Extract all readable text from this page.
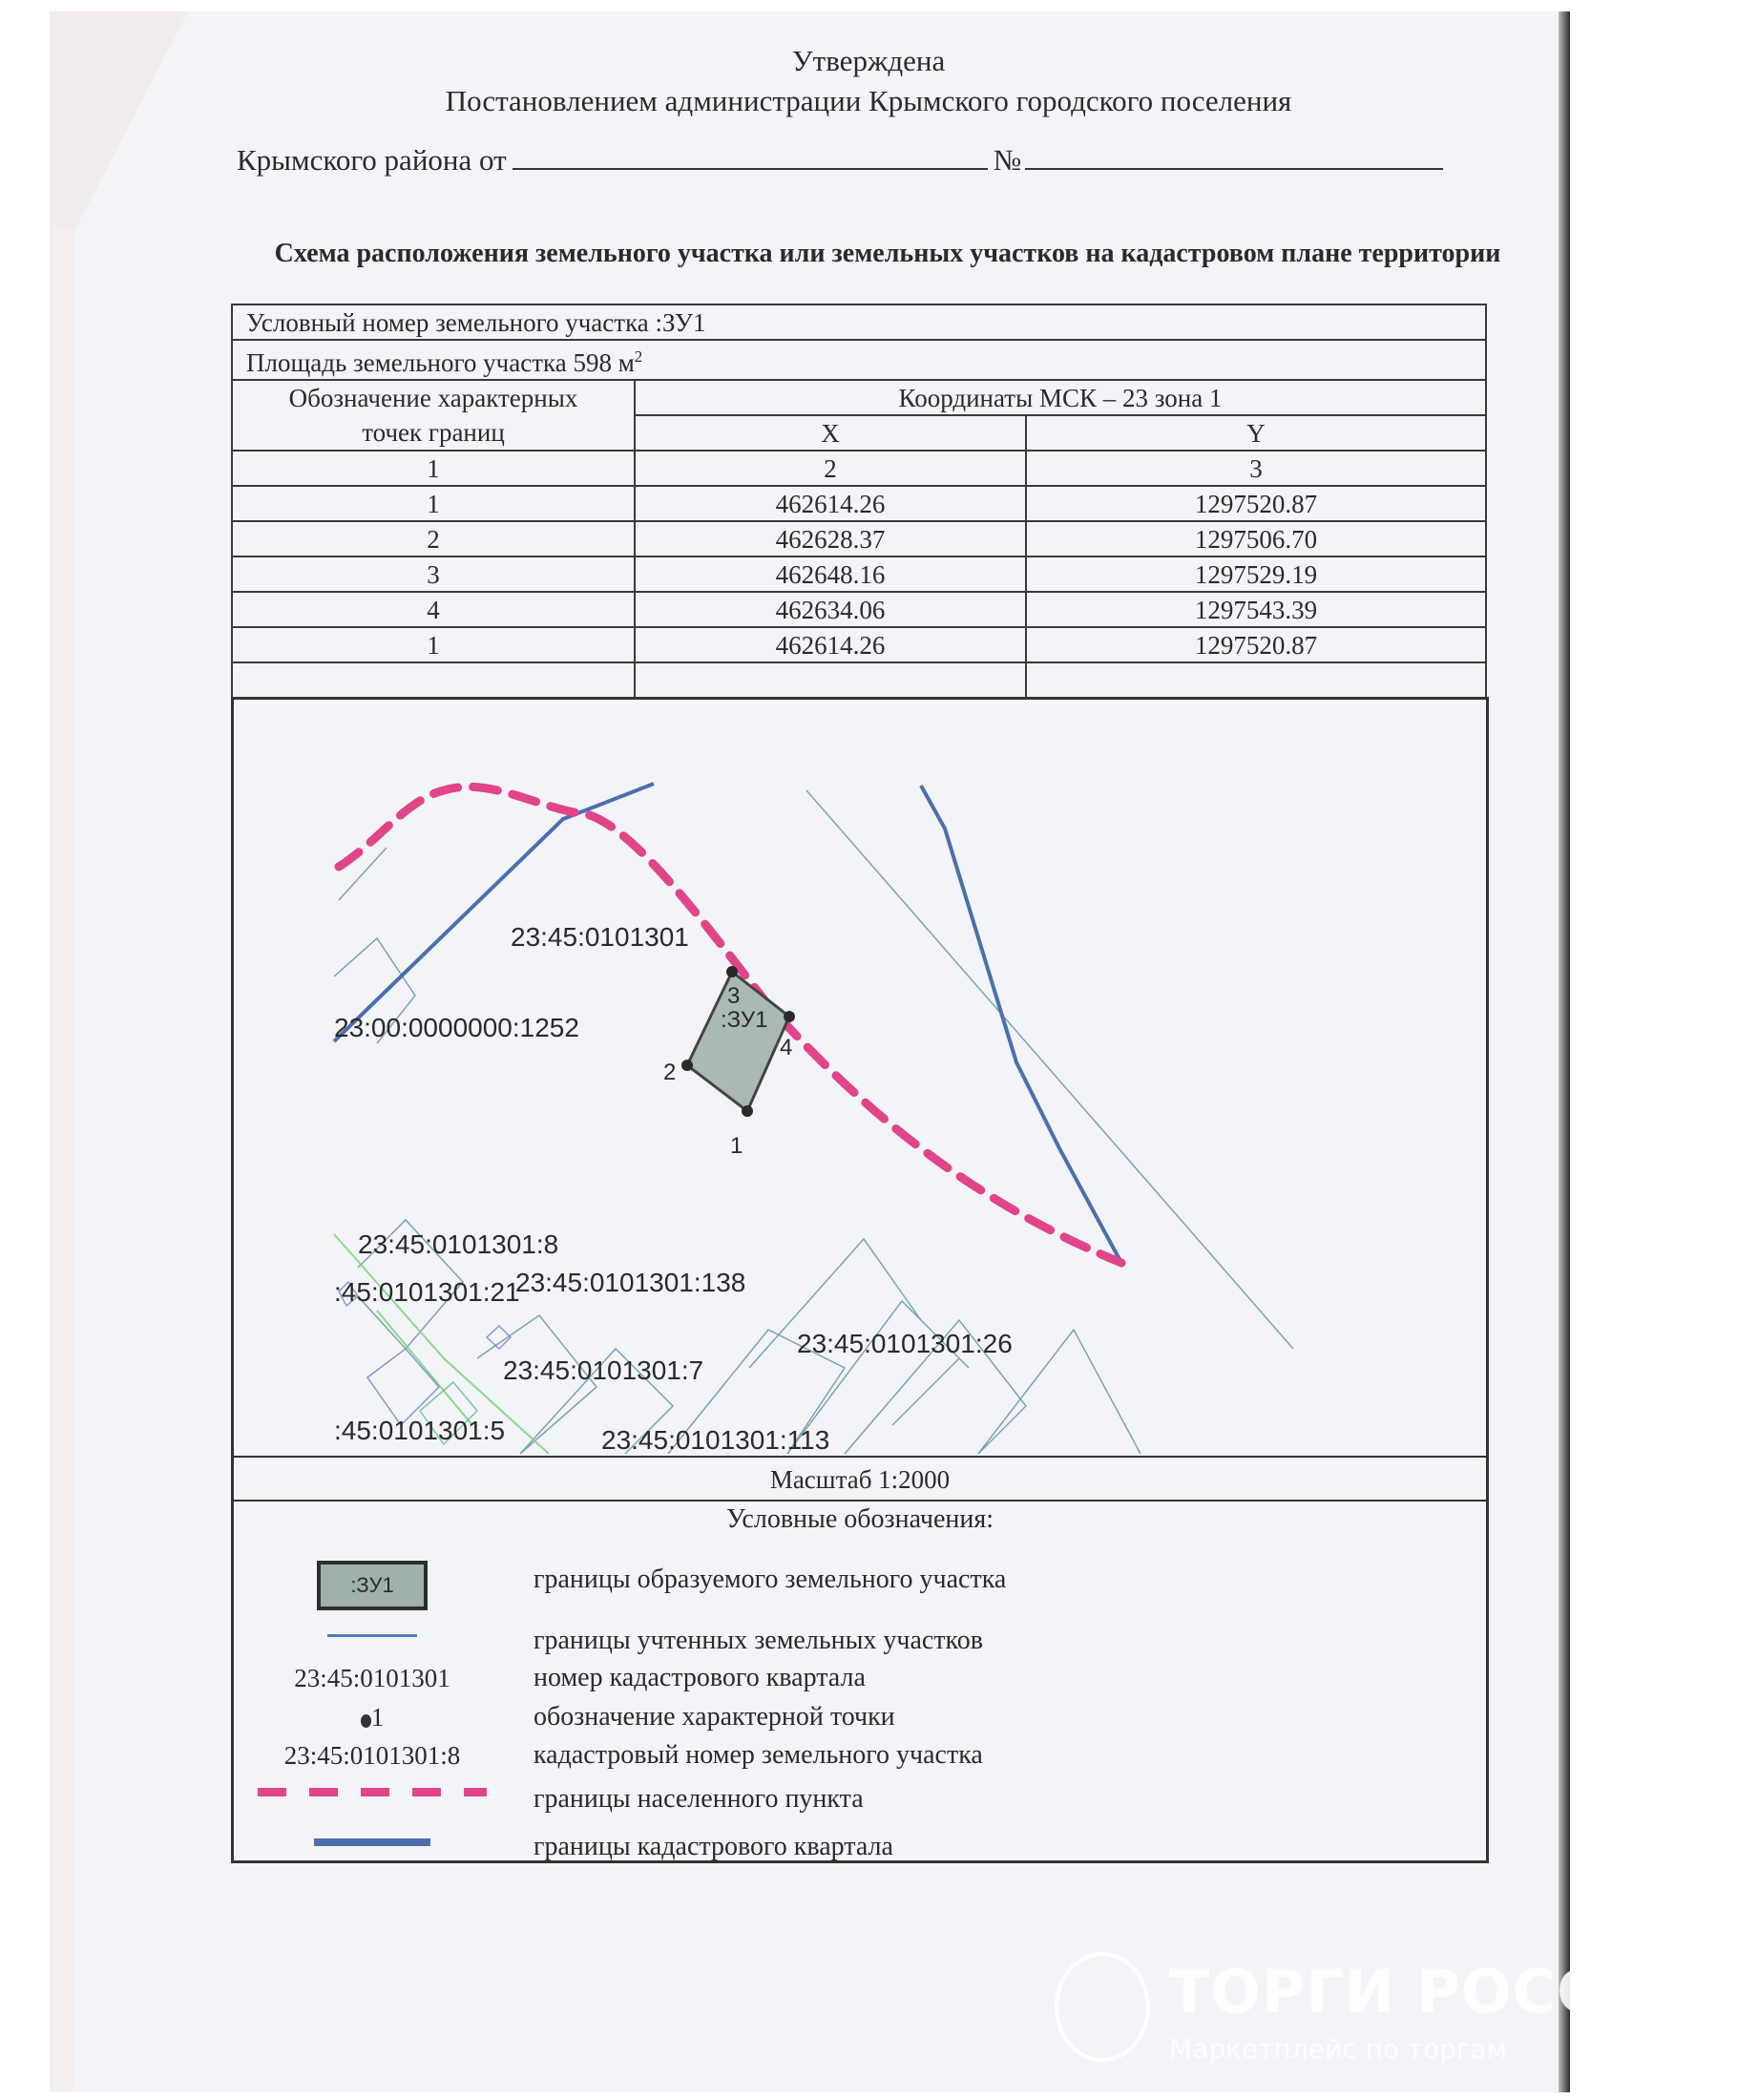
Утверждена
Постановлением администрации Крымского городского поселения
Крымского района от	№
Схема расположения земельного участка или земельных участков на кадастровом плане территории
Условный номер земельного участка :ЗУ1		
Площадь земельного участка 598 $м^2$
Обозначение характерных точек границ	Координаты МСК – 23 зона 1	
	X	Y
1	2	3
1	462614.26	1297520.87
2	462628.37	1297506.70
3	462648.16	1297529.19
4	462634.06	1297543.39
1	462614.26	1297520.87

1
2
3
4
:ЗУ1
23:45:0101301
23:00:0000000:1252
23:45:0101301:8
:45:0101301:21
23:45:0101301:138
23:45:0101301:26
23:45:0101301:7
:45:0101301:5	23:45:0101301:113
Масштаб 1:2000
Условные обозначения:
:ЗУ1	границы образуемого земельного участка
границы учтенных земельных участков
23:45:0101301	номер кадастрового квартала
1	обозначение характерной точки
23:45:0101301:8	кадастровый номер земельного участка
границы населенного пункта
границы кадастрового квартала
ТОРГИ РОССИИ
Маркетплейс по торгам
